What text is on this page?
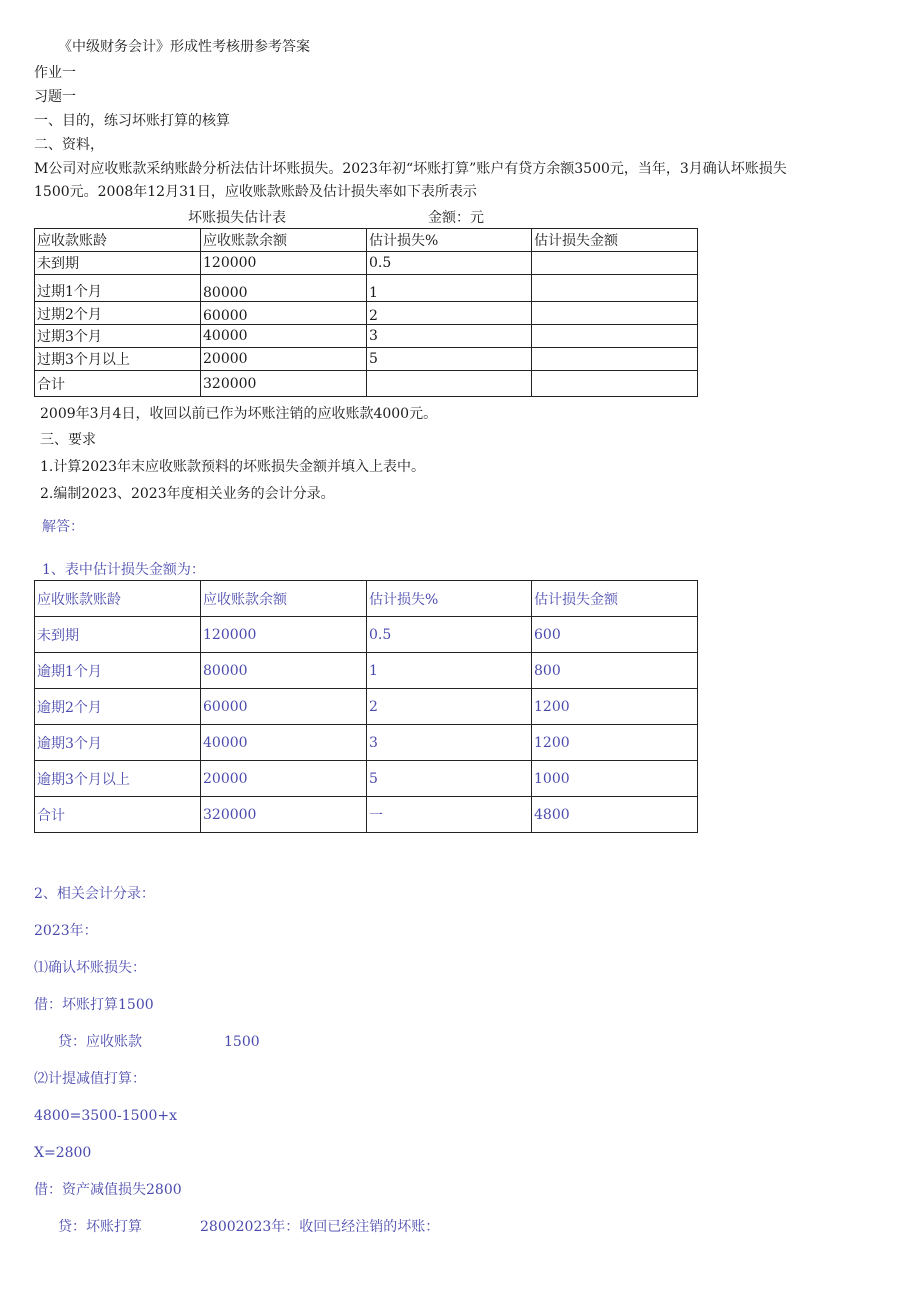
《中级财务会计》形成性考核册参考答案
作业一
习题一
一、目的，练习坏账打算的核算
二、资料，
M公司对应收账款采纳账龄分析法估计坏账损失。2023年初“坏账打算”账户有贷方余额3500元，当年，3月确认坏账损失
1500元。2008年12月31日，应收账款账龄及估计损失率如下表所表示
坏账损失估计表	金额：元
应收款账龄	应收账款余额	估计损失%	估计损失金额
未到期	120000	0.5	
过期1个月	80000	1	
过期2个月	60000	2	
过期3个月	40000	3	
过期3个月以上	20000	5	
合计	320000		
2009年3月4日，收回以前已作为坏账注销的应收账款4000元。
三、要求
1.计算2023年末应收账款预料的坏账损失金额并填入上表中。
2.编制2023、2023年度相关业务的会计分录。
解答：
1、表中估计损失金额为：
应收账款账龄	应收账款余额	估计损失%	估计损失金额
未到期	120000	0.5	600
逾期1个月	80000	1	800
逾期2个月	60000	2	1200
逾期3个月	40000	3	1200
逾期3个月以上	20000	5	1000
合计	320000	一	4800
2、相关会计分录：
2023年：
⑴确认坏账损失：
借：坏账打算1500
贷：应收账款	1500
⑵计提减值打算：
4800=3500-1500+x
X=2800
借：资产减值损失2800
贷：坏账打算	28002023年：收回已经注销的坏账：
